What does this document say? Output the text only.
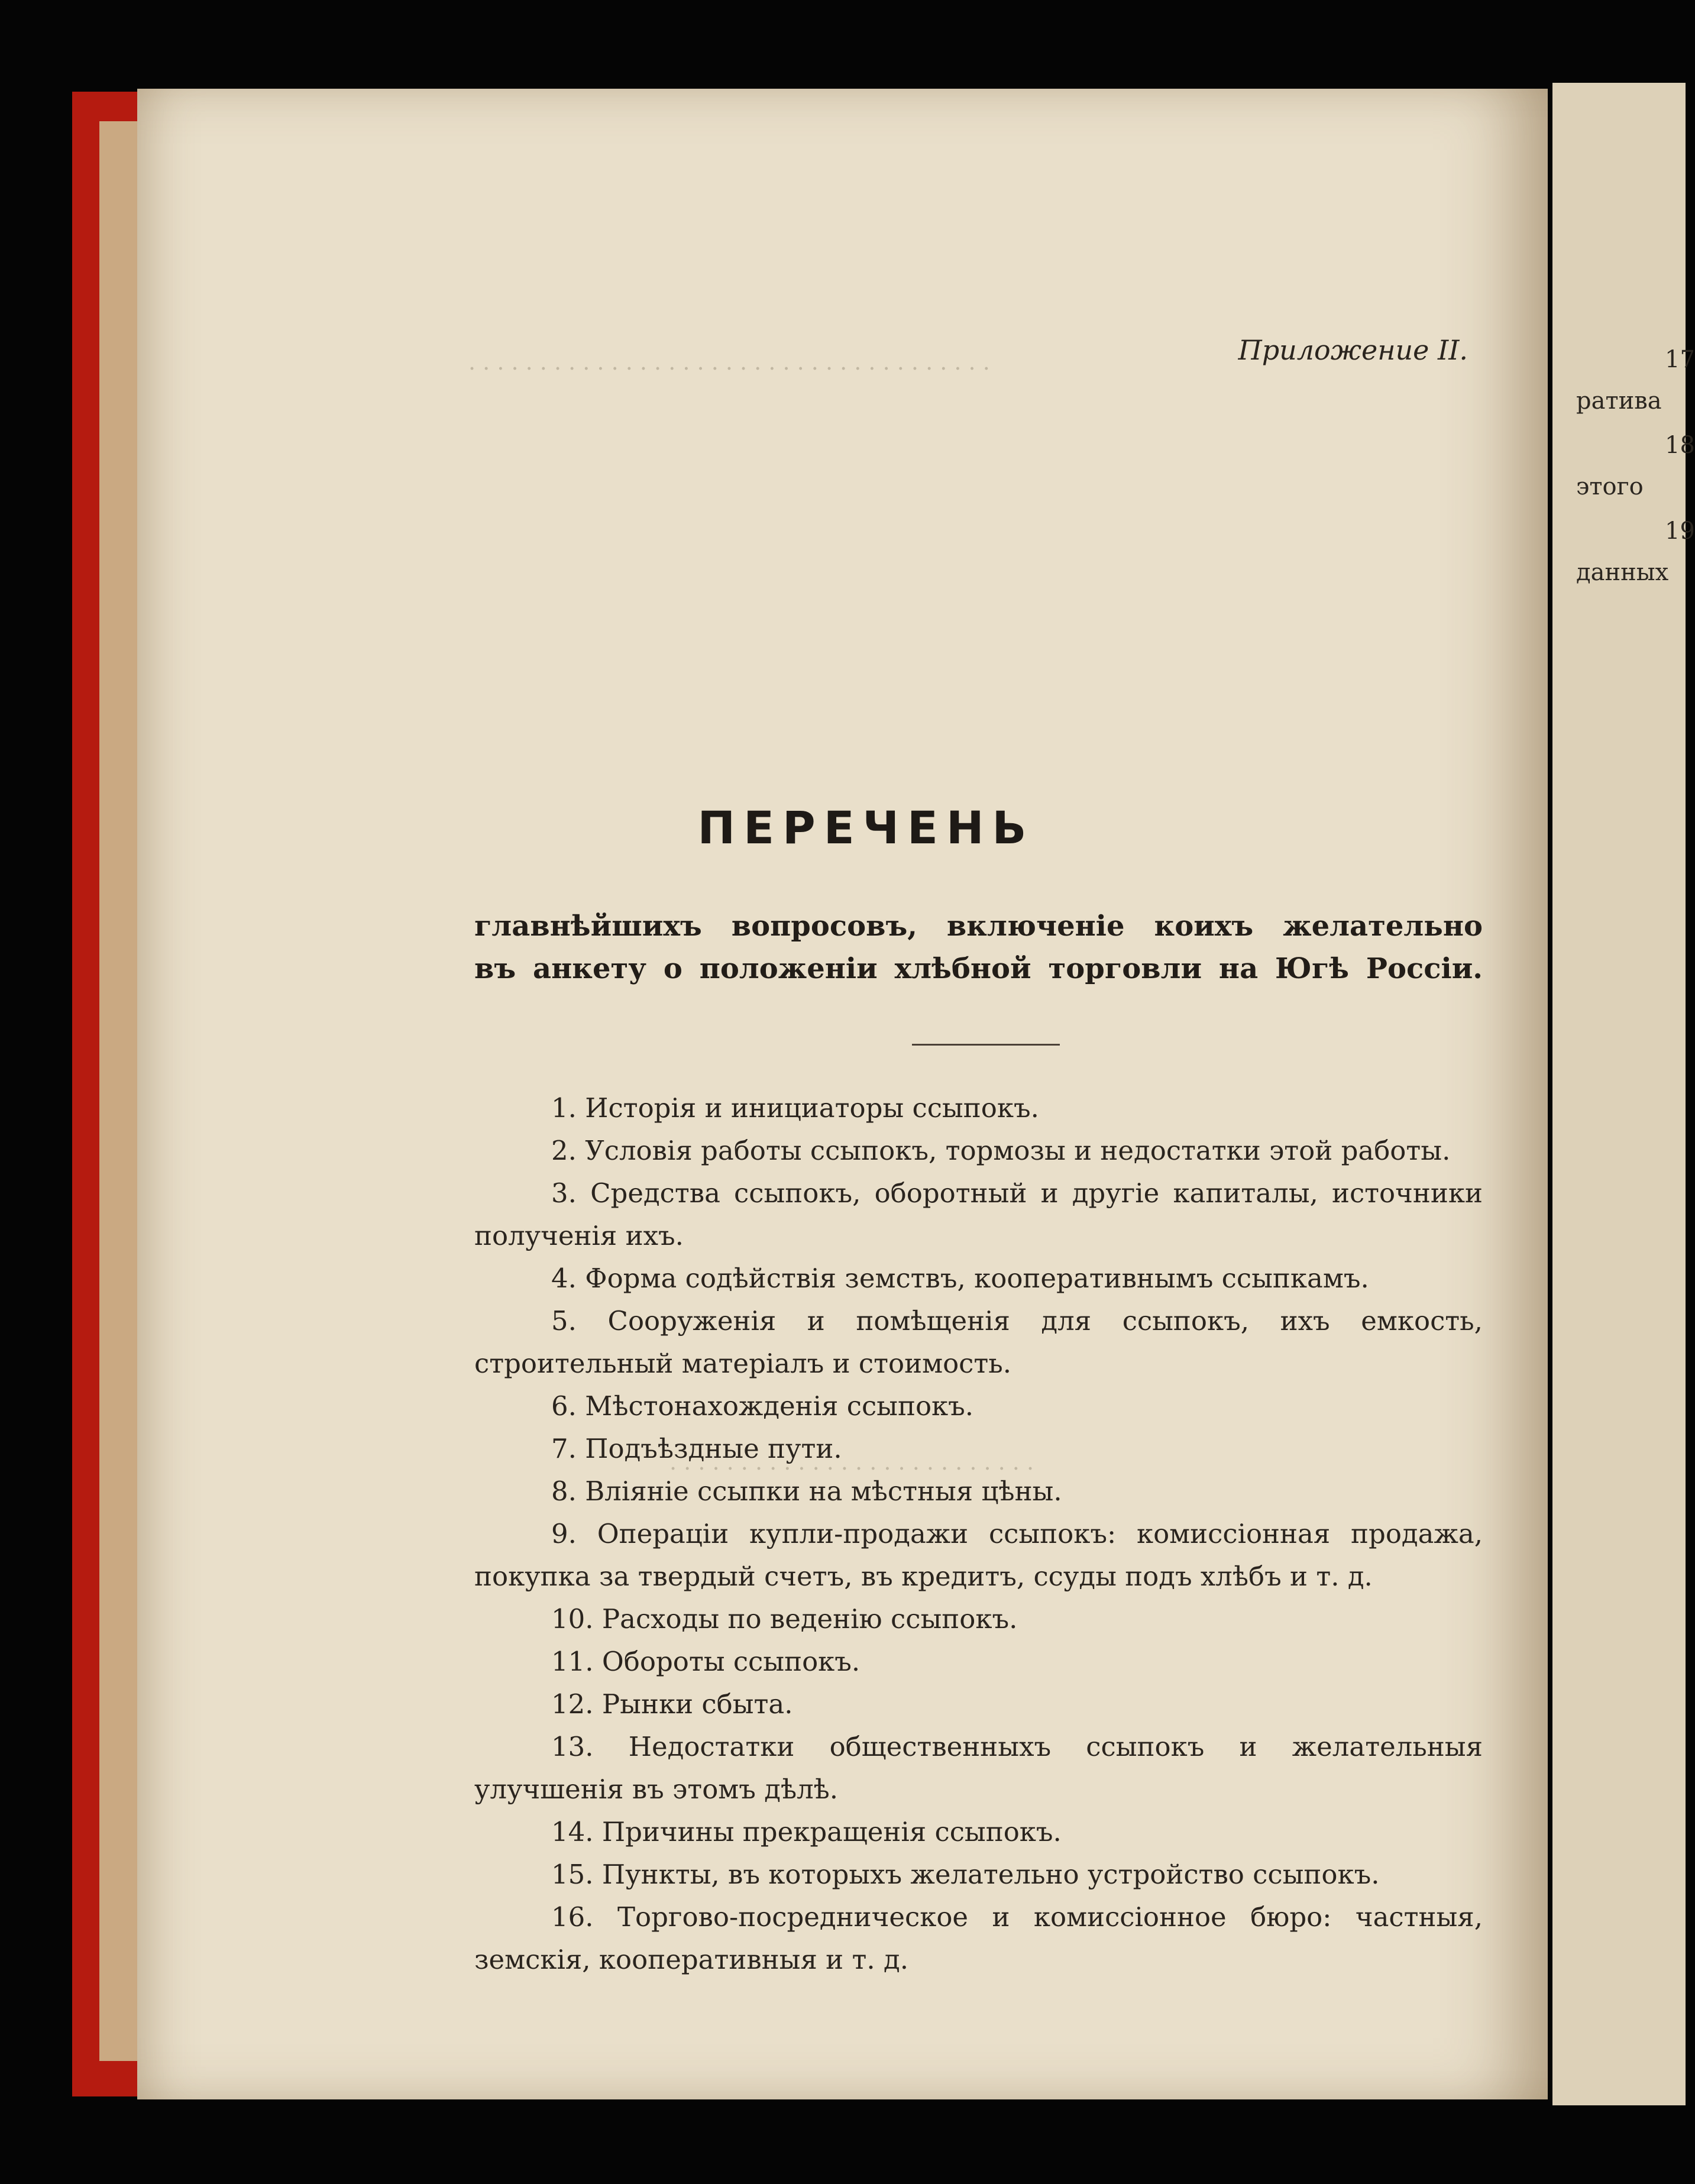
. . . . . . . . . . . . . . . . . . . . . . . . . . . . . . . . . . . . .
. . . . . . . . . . . . . . . . . . . . . . . . . .
Приложение II.
ПЕРЕЧЕНЬ
главнѣйшихъ вопросовъ, включеніе коихъ желательно
въ анкету о положеніи хлѣбной торговли на Югѣ Россіи.
1. Исторія и инициаторы ссыпокъ.
2. Условія работы ссыпокъ, тормозы и недостатки этой работы.
3. Средства ссыпокъ, оборотный и другіе капиталы, источники полученія ихъ.
4. Форма содѣйствія земствъ, кооперативнымъ ссыпкамъ.
5. Сооруженія и помѣщенія для ссыпокъ, ихъ емкость, строительный матеріалъ и стоимость.
6. Мѣстонахожденія ссыпокъ.
7. Подъѣздные пути.
8. Вліяніе ссыпки на мѣстныя цѣны.
9. Операціи купли-продажи ссыпокъ: комиссіонная продажа, покупка за твердый счетъ, въ кредитъ, ссуды подъ хлѣбъ и т. д.
10. Расходы по веденію ссыпокъ.
11. Обороты ссыпокъ.
12. Рынки сбыта.
13. Недостатки общественныхъ ссыпокъ и желательныя улучшенія въ этомъ дѣлѣ.
14. Причины прекращенія ссыпокъ.
15. Пункты, въ которыхъ желательно устройство ссыпокъ.
16. Торгово-посредническое и комиссіонное бюро: частныя, земскія, кооперативныя и т. д.
17
ратива
18
этого
19
данных
